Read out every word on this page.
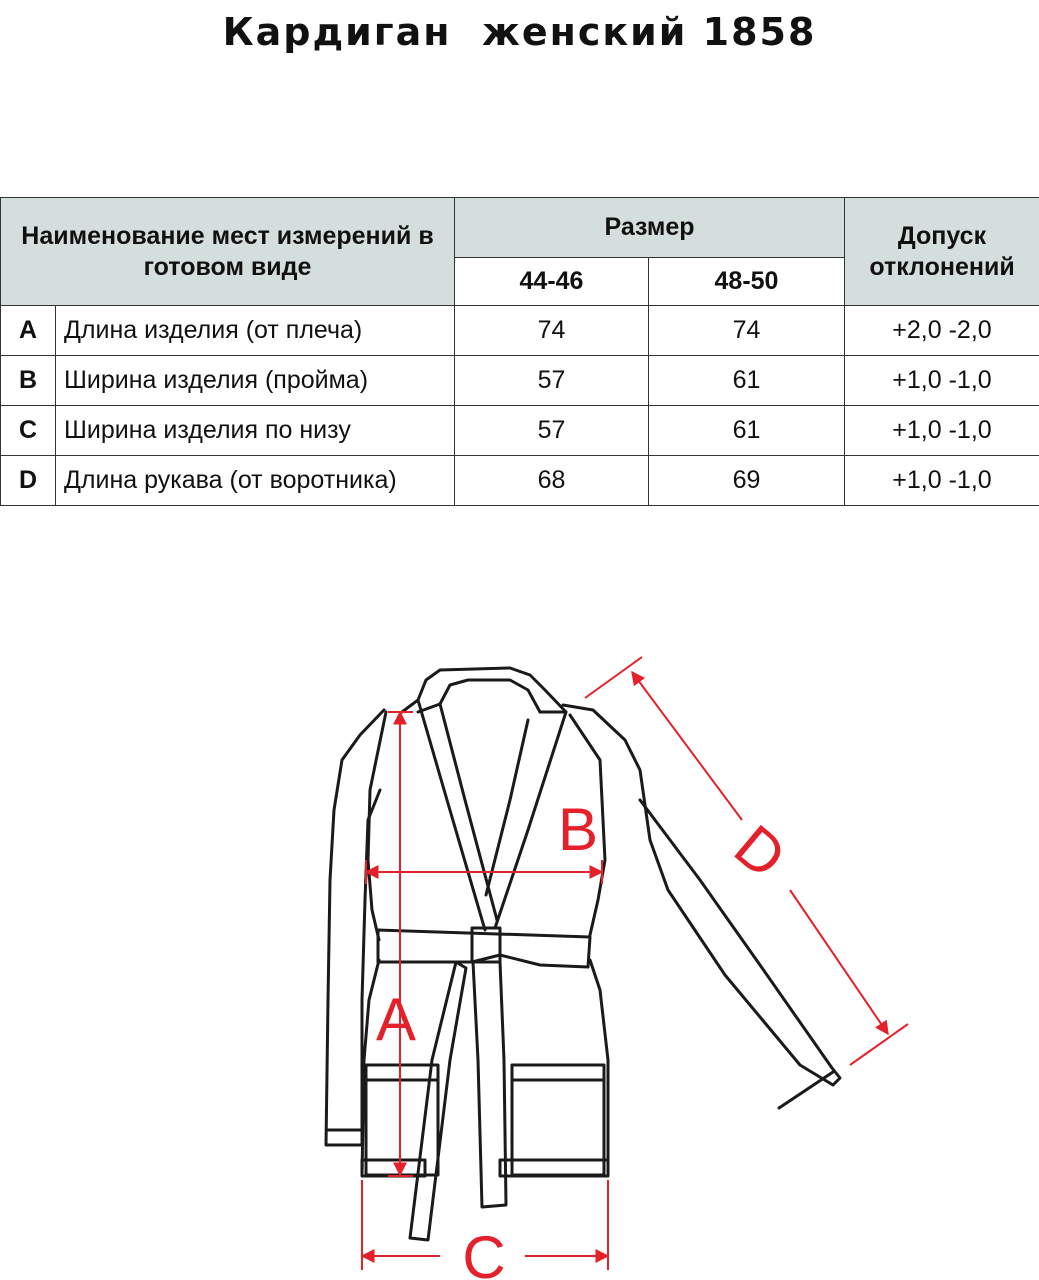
Кардиган  женский 1858
Наименование мест измерений в готовом виде		Размер		Допуск отклонений
		44-46	48-50	
A	Длина изделия (от плеча)	74	74	+2,0 -2,0
B	Ширина изделия (пройма)	57	61	+1,0 -1,0
C	Ширина изделия по низу	57	61	+1,0 -1,0
D	Длина рукава (от воротника)	68	69	+1,0 -1,0
B
A
C
D
